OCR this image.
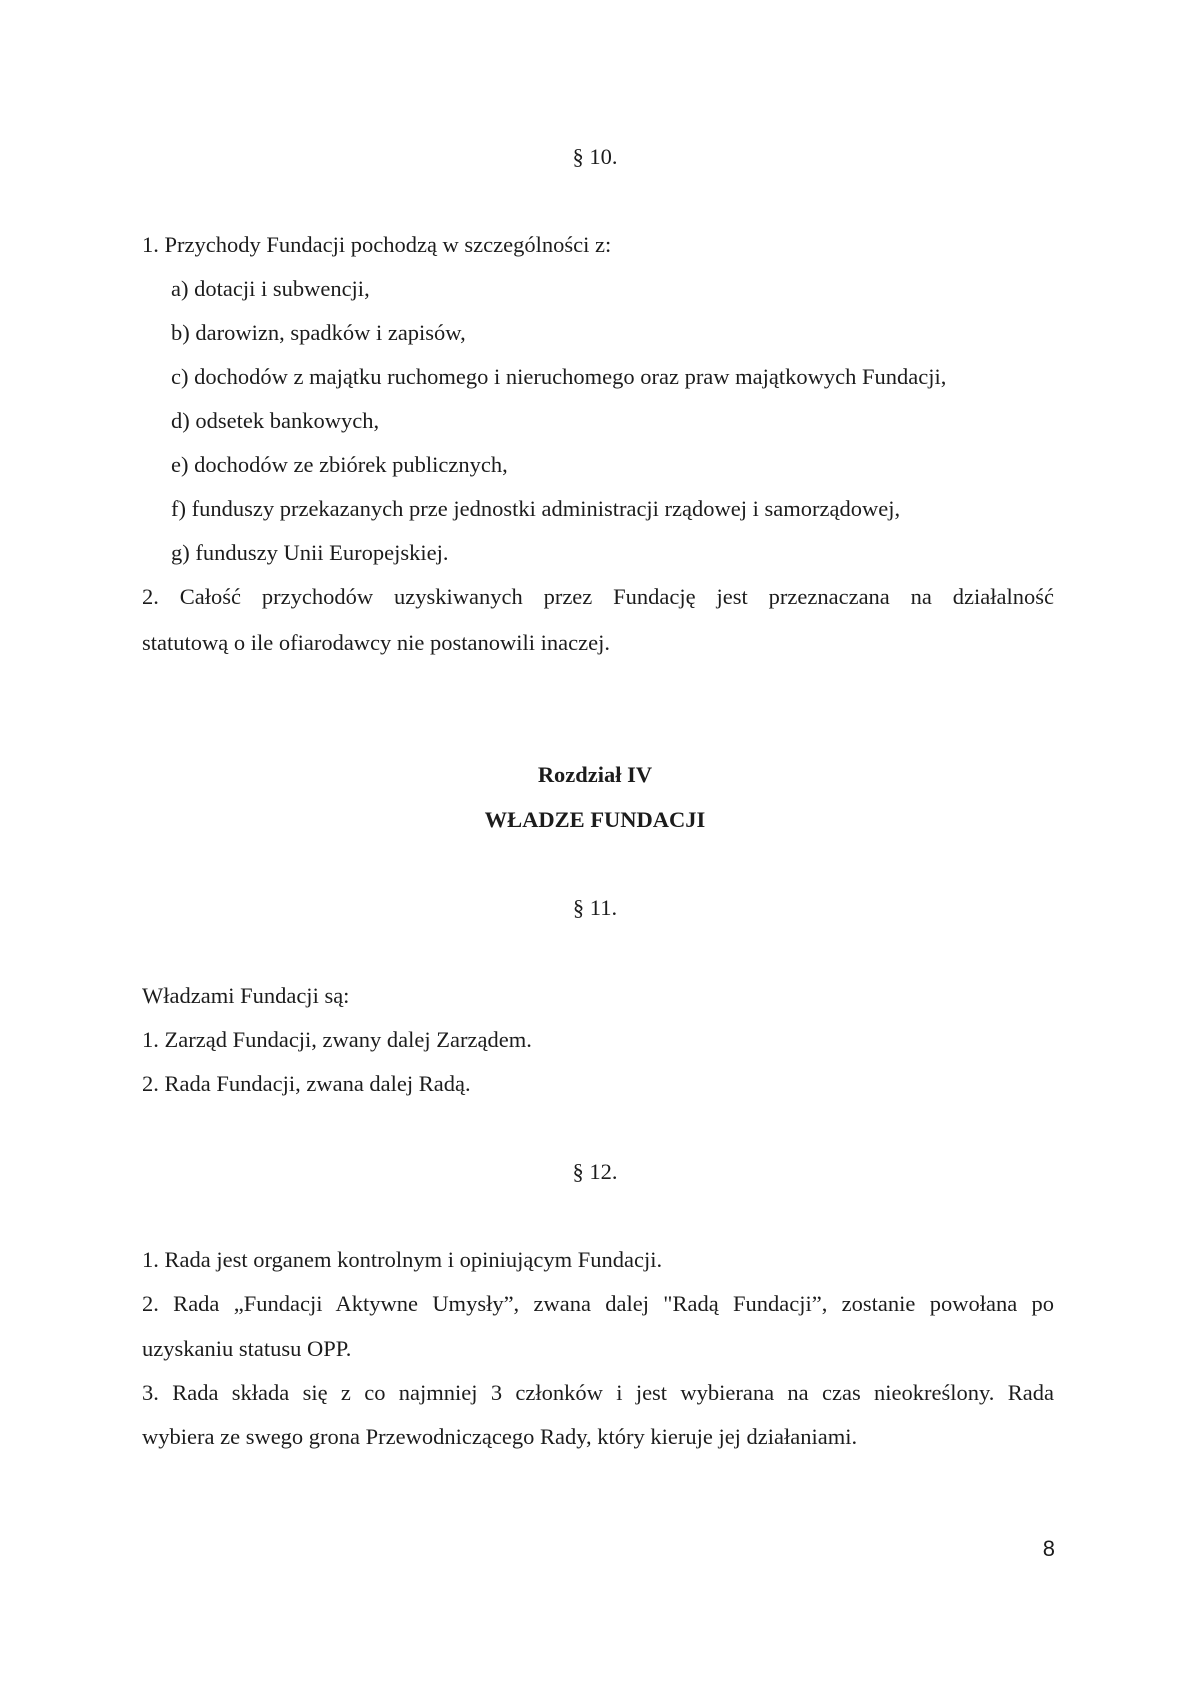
§ 10.
1. Przychody Fundacji pochodzą w szczególności z:
a) dotacji i subwencji,
b) darowizn, spadków i zapisów,
c) dochodów z majątku ruchomego i nieruchomego oraz praw majątkowych Fundacji,
d) odsetek bankowych,
e) dochodów ze zbiórek publicznych,
f) funduszy przekazanych prze jednostki administracji rządowej i samorządowej,
g) funduszy Unii Europejskiej.
2. Całość przychodów uzyskiwanych przez Fundację jest przeznaczana na działalność
statutową o ile ofiarodawcy nie postanowili inaczej.
Rozdział IV
WŁADZE FUNDACJI
§ 11.
Władzami Fundacji są:
1. Zarząd Fundacji, zwany dalej Zarządem.
2. Rada Fundacji, zwana dalej Radą.
§ 12.
1. Rada jest organem kontrolnym i opiniującym Fundacji.
2. Rada „Fundacji Aktywne Umysły”, zwana dalej "Radą Fundacji”, zostanie powołana po
uzyskaniu statusu OPP.
3. Rada składa się z co najmniej 3 członków i jest wybierana na czas nieokreślony. Rada
wybiera ze swego grona Przewodniczącego Rady, który kieruje jej działaniami.
8
